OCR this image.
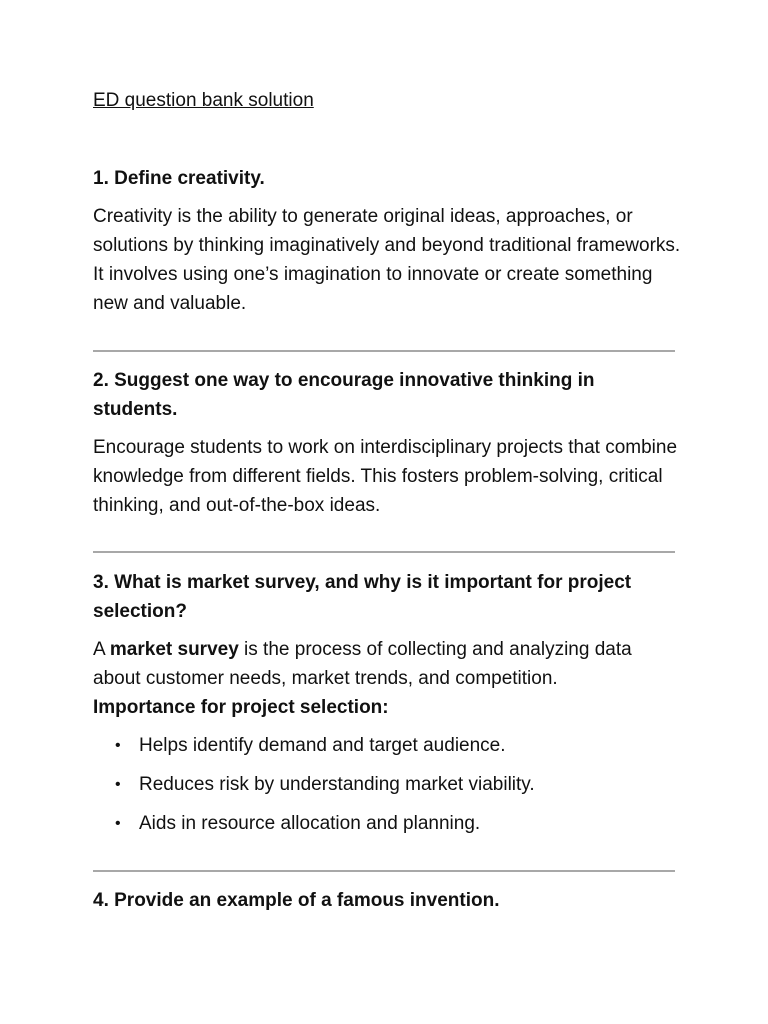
ED question bank solution

1. Define creativity.

Creativity is the ability to generate original ideas, approaches, or solutions by thinking imaginatively and beyond traditional frameworks. It involves using one’s imagination to innovate or create something new and valuable.

2. Suggest one way to encourage innovative thinking in students.

Encourage students to work on interdisciplinary projects that combine knowledge from different fields. This fosters problem-solving, critical thinking, and out-of-the-box ideas.

3. What is market survey, and why is it important for project selection?

A market survey is the process of collecting and analyzing data about customer needs, market trends, and competition.
Importance for project selection:

• Helps identify demand and target audience.
• Reduces risk by understanding market viability.
• Aids in resource allocation and planning.

4. Provide an example of a famous invention.
